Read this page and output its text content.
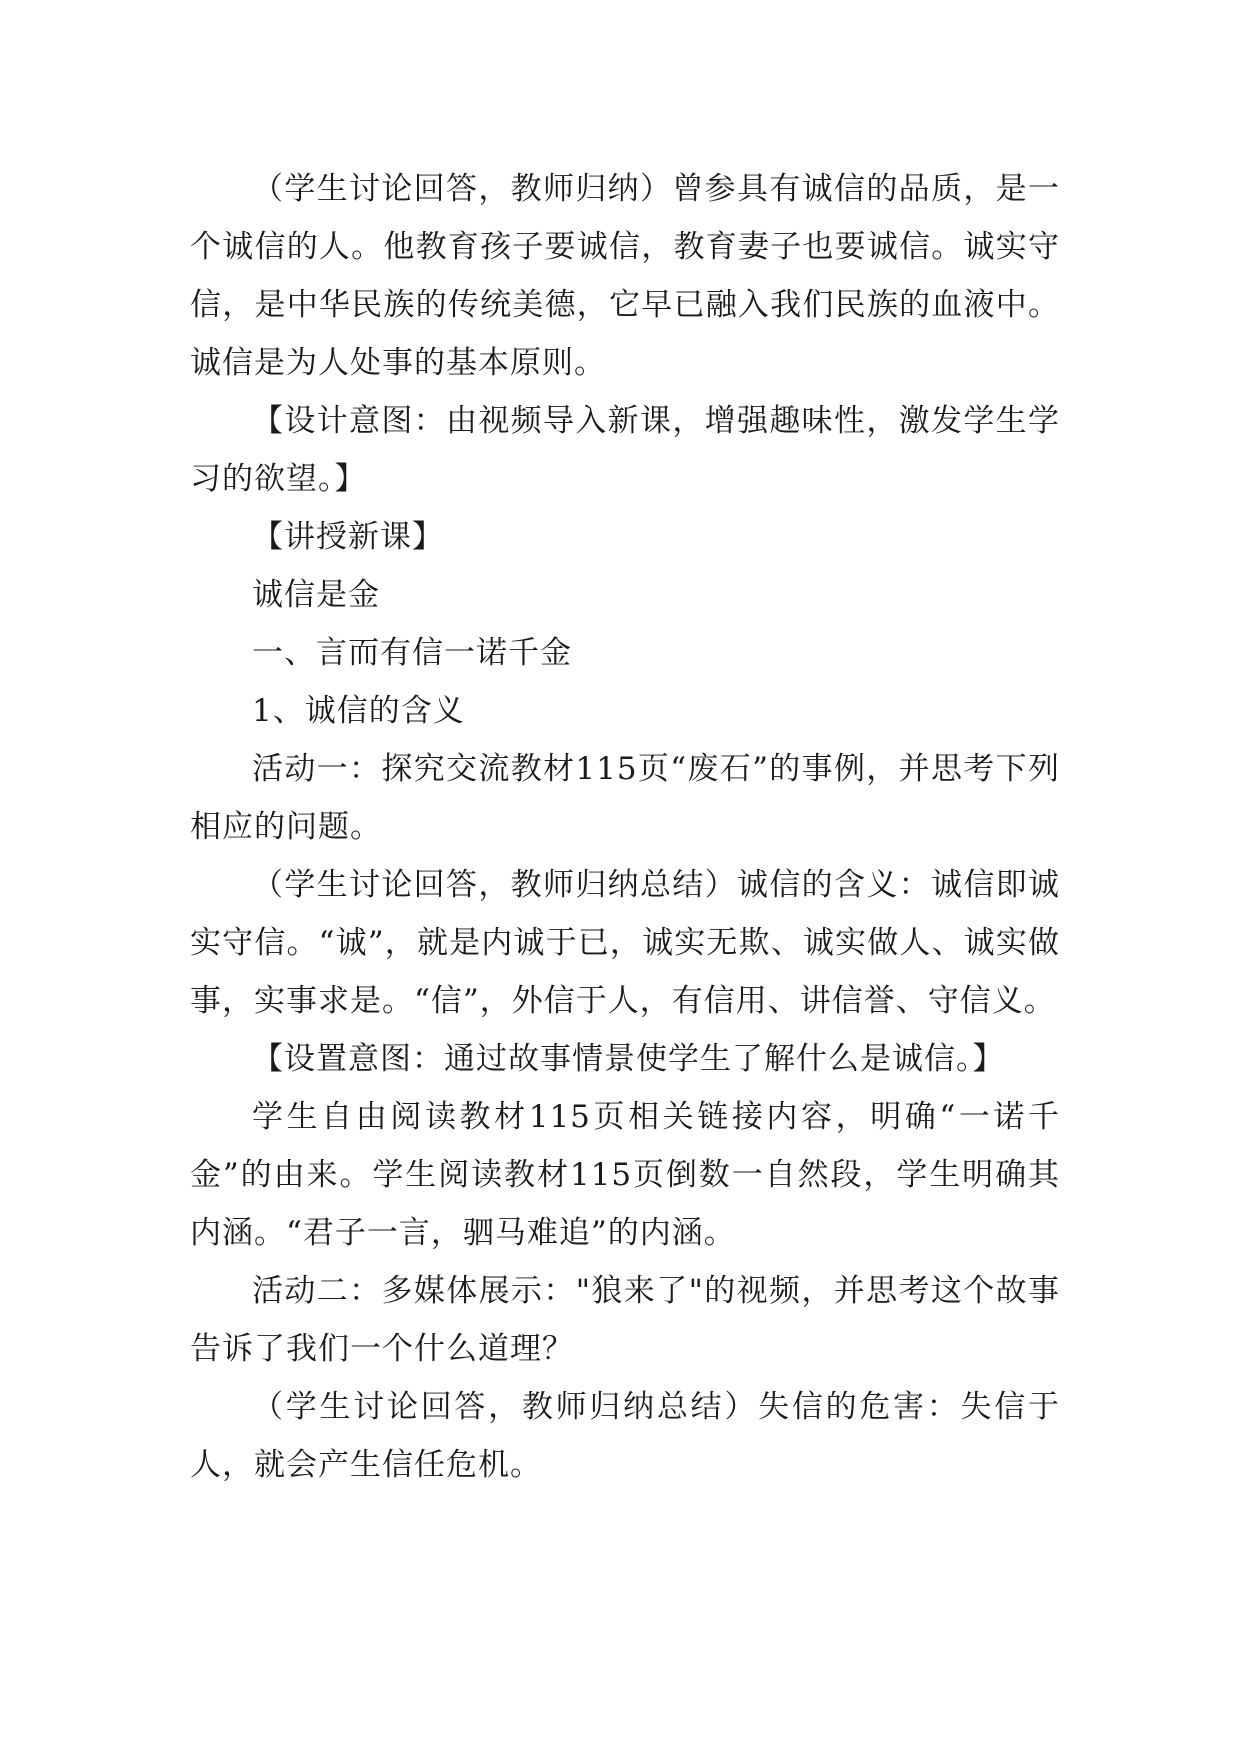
（学生讨论回答，教师归纳）曾参具有诚信的品质，是一个诚信的人。他教育孩子要诚信，教育妻子也要诚信。诚实守信，是中华民族的传统美德，它早已融入我们民族的血液中。诚信是为人处事的基本原则。

【设计意图：由视频导入新课，增强趣味性，激发学生学习的欲望。】

【讲授新课】

诚信是金

一、言而有信一诺千金

1、诚信的含义

活动一：探究交流教材115页“废石”的事例，并思考下列相应的问题。

（学生讨论回答，教师归纳总结）诚信的含义：诚信即诚实守信。“诚”，就是内诚于已，诚实无欺、诚实做人、诚实做事，实事求是。“信”，外信于人，有信用、讲信誉、守信义。

【设置意图：通过故事情景使学生了解什么是诚信。】

学生自由阅读教材115页相关链接内容，明确“一诺千金”的由来。学生阅读教材115页倒数一自然段，学生明确其内涵。“君子一言，驷马难追”的内涵。

活动二：多媒体展示："狼来了"的视频，并思考这个故事告诉了我们一个什么道理？

（学生讨论回答，教师归纳总结）失信的危害：失信于人，就会产生信任危机。
